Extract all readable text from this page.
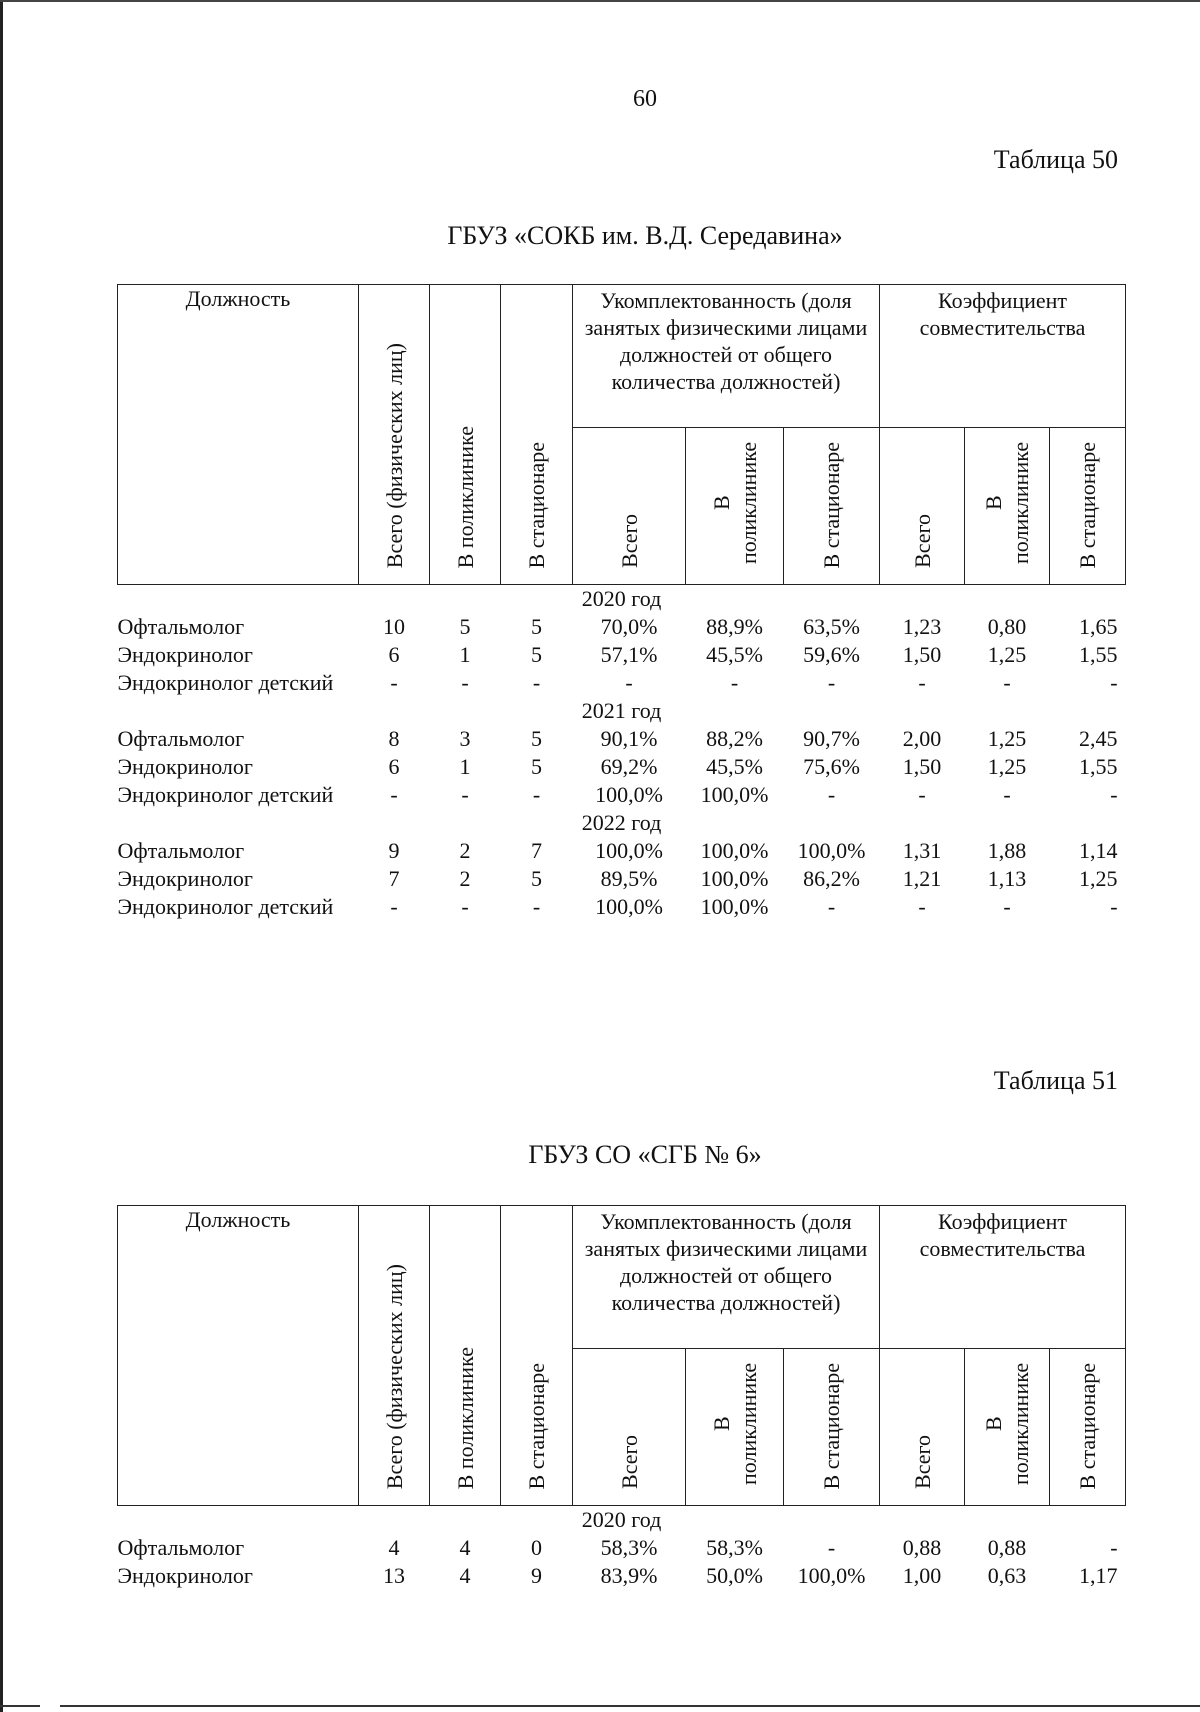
60
Таблица 50
ГБУЗ «СОКБ им. В.Д. Середавина»
Должность	Всего (физических лиц)	В поликлинике	В стационаре	Укомплектованность (доля занятых физическими лицами должностей от общего количества должностей)			Коэффициент совместительства		
				Всего	В поликлинике	В стационаре	Всего	В поликлинике	В стационаре
2020 год									
Офтальмолог	10	5	5	70,0%	88,9%	63,5%	1,23	0,80	1,65
Эндокринолог	6	1	5	57,1%	45,5%	59,6%	1,50	1,25	1,55
Эндокринолог детский	-	-	-	-	-	-	-	-	-
2021 год									
Офтальмолог	8	3	5	90,1%	88,2%	90,7%	2,00	1,25	2,45
Эндокринолог	6	1	5	69,2%	45,5%	75,6%	1,50	1,25	1,55
Эндокринолог детский	-	-	-	100,0%	100,0%	-	-	-	-
2022 год									
Офтальмолог	9	2	7	100,0%	100,0%	100,0%	1,31	1,88	1,14
Эндокринолог	7	2	5	89,5%	100,0%	86,2%	1,21	1,13	1,25
Эндокринолог детский	-	-	-	100,0%	100,0%	-	-	-	-
Таблица 51
ГБУЗ СО «СГБ № 6»
Должность	Всего (физических лиц)	В поликлинике	В стационаре	Укомплектованность (доля занятых физическими лицами должностей от общего количества должностей)			Коэффициент совместительства		
				Всего	В поликлинике	В стационаре	Всего	В поликлинике	В стационаре
2020 год									
Офтальмолог	4	4	0	58,3%	58,3%	-	0,88	0,88	-
Эндокринолог	13	4	9	83,9%	50,0%	100,0%	1,00	0,63	1,17
